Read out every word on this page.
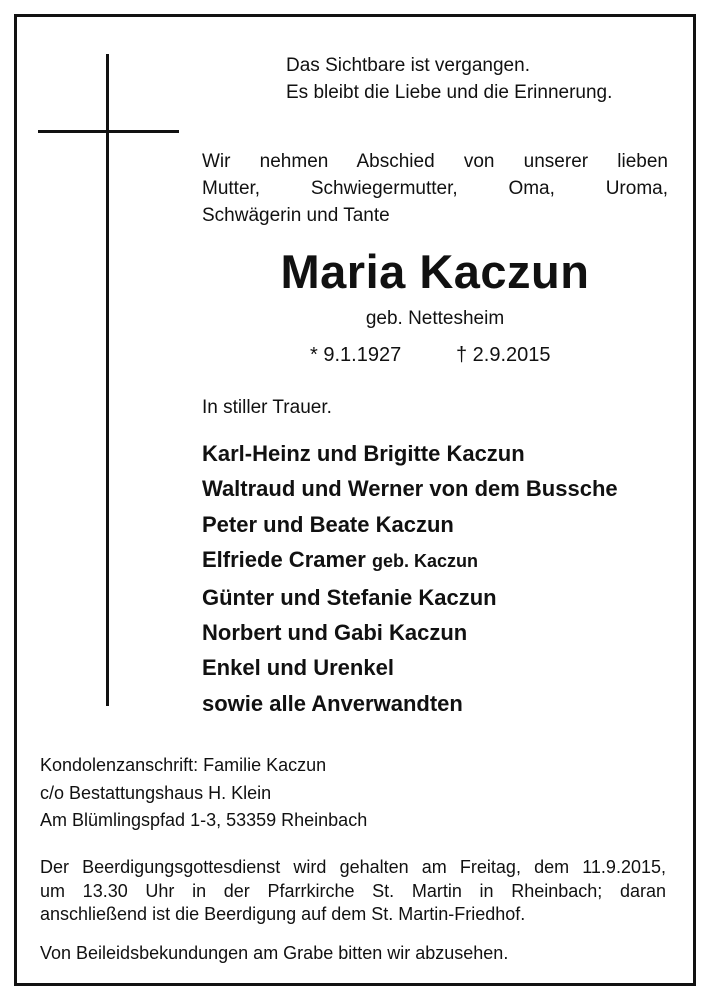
Das Sichtbare ist vergangen.
Es bleibt die Liebe und die Erinnerung.
Wir nehmen Abschied von unserer lieben
Mutter, Schwiegermutter, Oma, Uroma,
Schwägerin und Tante
Maria Kaczun
geb. Nettesheim
* 9.1.1927	† 2.9.2015
In stiller Trauer.
Karl-Heinz und Brigitte Kaczun
Waltraud und Werner von dem Bussche
Peter und Beate Kaczun
Elfriede Cramer geb. Kaczun
Günter und Stefanie Kaczun
Norbert und Gabi Kaczun
Enkel und Urenkel
sowie alle Anverwandten
Kondolenzanschrift: Familie Kaczun
c/o Bestattungshaus H. Klein
Am Blümlingspfad 1-3, 53359 Rheinbach
Der Beerdigungsgottesdienst wird gehalten am Freitag, dem 11.9.2015,
um 13.30 Uhr in der Pfarrkirche St. Martin in Rheinbach; daran
anschließend ist die Beerdigung auf dem St. Martin-Friedhof.
Von Beileidsbekundungen am Grabe bitten wir abzusehen.
